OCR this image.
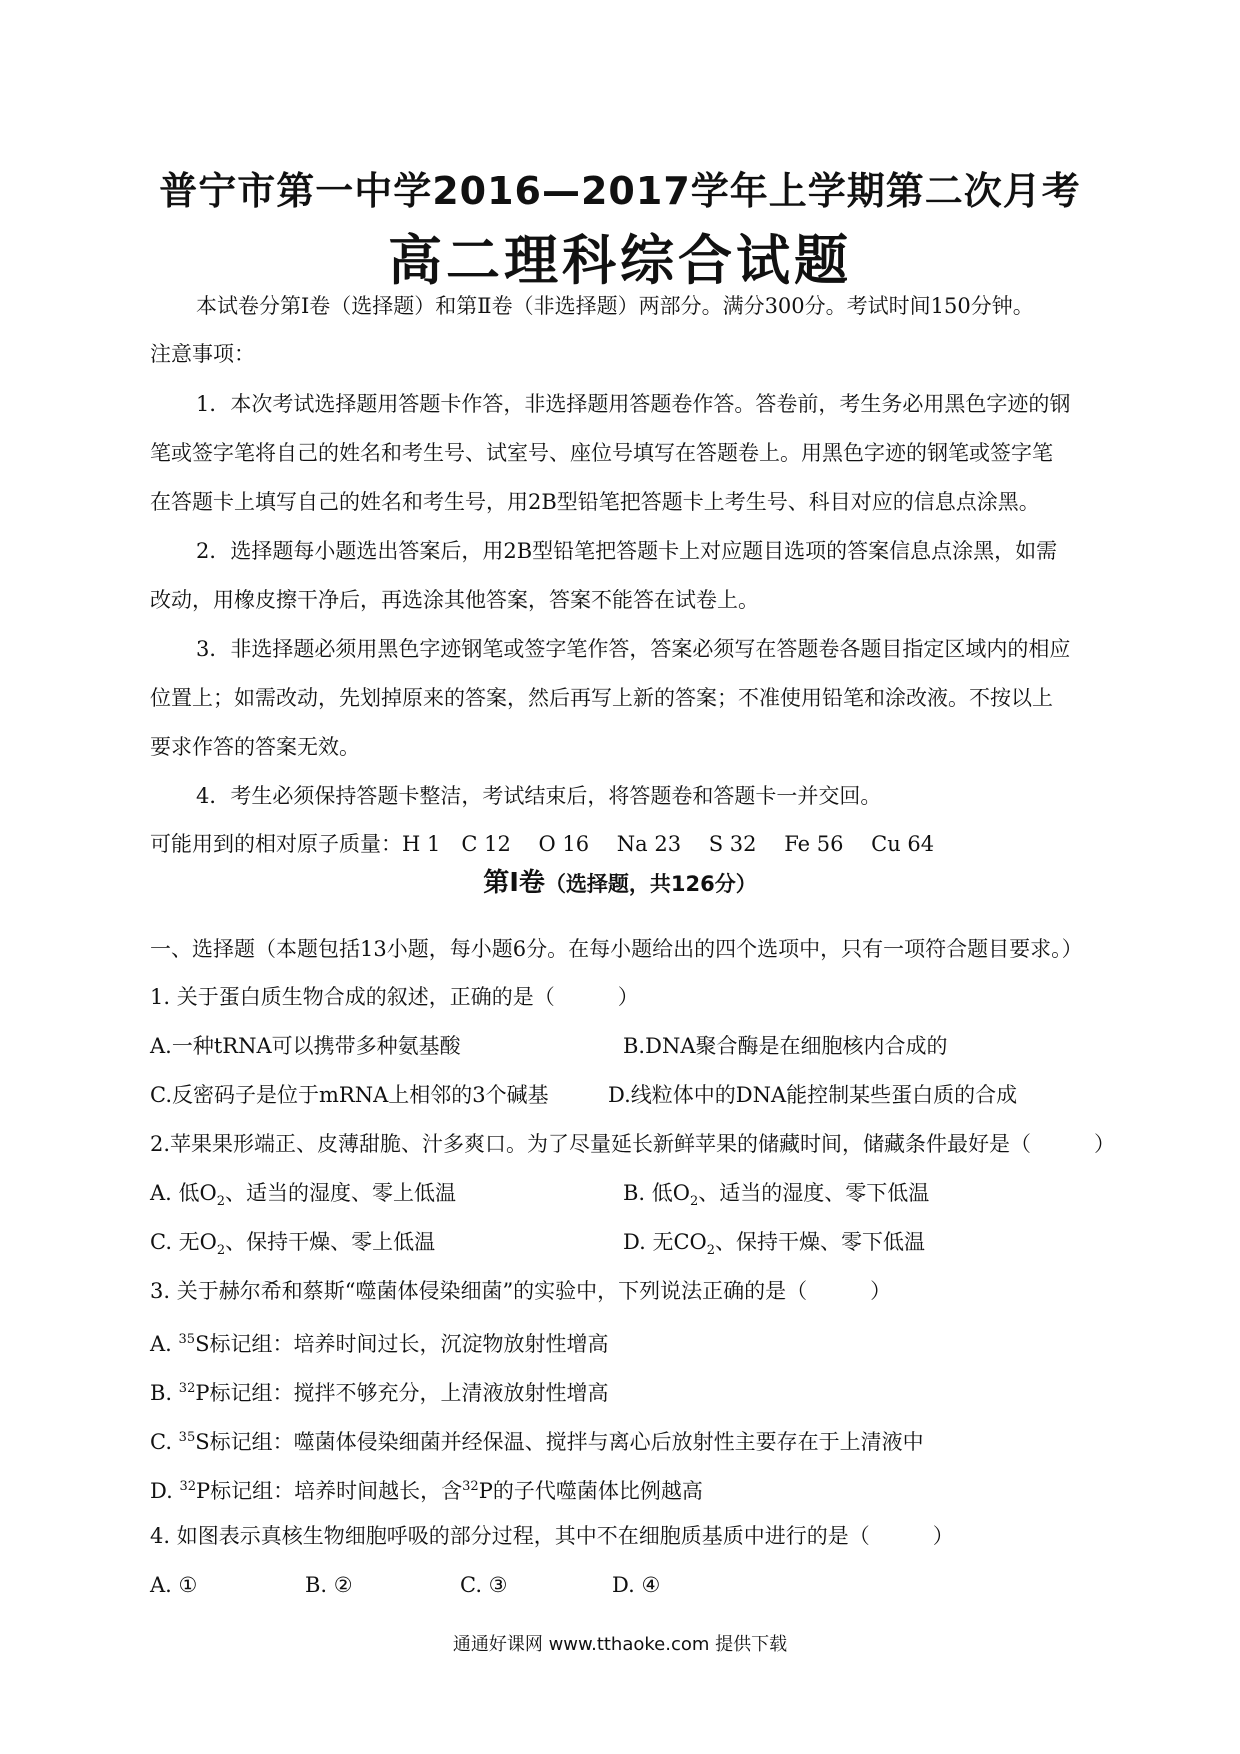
普宁市第一中学2016—2017学年上学期第二次月考
高二理科综合试题
本试卷分第Ⅰ卷（选择题）和第Ⅱ卷（非选择题）两部分。满分300分。考试时间150分钟。
注意事项：
1．本次考试选择题用答题卡作答，非选择题用答题卷作答。答卷前，考生务必用黑色字迹的钢
笔或签字笔将自己的姓名和考生号、试室号、座位号填写在答题卷上。用黑色字迹的钢笔或签字笔
在答题卡上填写自己的姓名和考生号，用2B型铅笔把答题卡上考生号、科目对应的信息点涂黑。
2．选择题每小题选出答案后，用2B型铅笔把答题卡上对应题目选项的答案信息点涂黑，如需
改动，用橡皮擦干净后，再选涂其他答案，答案不能答在试卷上。
3．非选择题必须用黑色字迹钢笔或签字笔作答，答案必须写在答题卷各题目指定区域内的相应
位置上；如需改动，先划掉原来的答案，然后再写上新的答案；不准使用铅笔和涂改液。不按以上
要求作答的答案无效。
4．考生必须保持答题卡整洁，考试结束后，将答题卷和答题卡一并交回。
可能用到的相对原子质量：H 1　C 12　 O 16　 Na 23　 S 32　 Fe 56　 Cu 64
第Ⅰ卷（选择题，共126分）
一、选择题（本题包括13小题，每小题6分。在每小题给出的四个选项中，只有一项符合题目要求。）
1. 关于蛋白质生物合成的叙述，正确的是（　　　）
A.一种tRNA可以携带多种氨基酸	B.DNA聚合酶是在细胞核内合成的
C.反密码子是位于mRNA上相邻的3个碱基	D.线粒体中的DNA能控制某些蛋白质的合成
2.苹果果形端正、皮薄甜脆、汁多爽口。为了尽量延长新鲜苹果的储藏时间，储藏条件最好是（　　　）
A. 低$O_2$、适当的湿度、零上低温	B. 低$O_2$、适当的湿度、零下低温
C. 无$O_2$、保持干燥、零上低温	D. 无$CO_2$、保持干燥、零下低温
3. 关于赫尔希和蔡斯“噬菌体侵染细菌”的实验中，下列说法正确的是（　　　）
A. $^{35}$S标记组：培养时间过长，沉淀物放射性增高
B. $^{32}$P标记组：搅拌不够充分，上清液放射性增高
C. $^{35}$S标记组：噬菌体侵染细菌并经保温、搅拌与离心后放射性主要存在于上清液中
D. $^{32}$P标记组：培养时间越长，含$^{32}$P的子代噬菌体比例越高
4. 如图表示真核生物细胞呼吸的部分过程，其中不在细胞质基质中进行的是（　　　）
A. ①	B. ②	C. ③	D. ④
通通好课网 www.tthaoke.com 提供下载
